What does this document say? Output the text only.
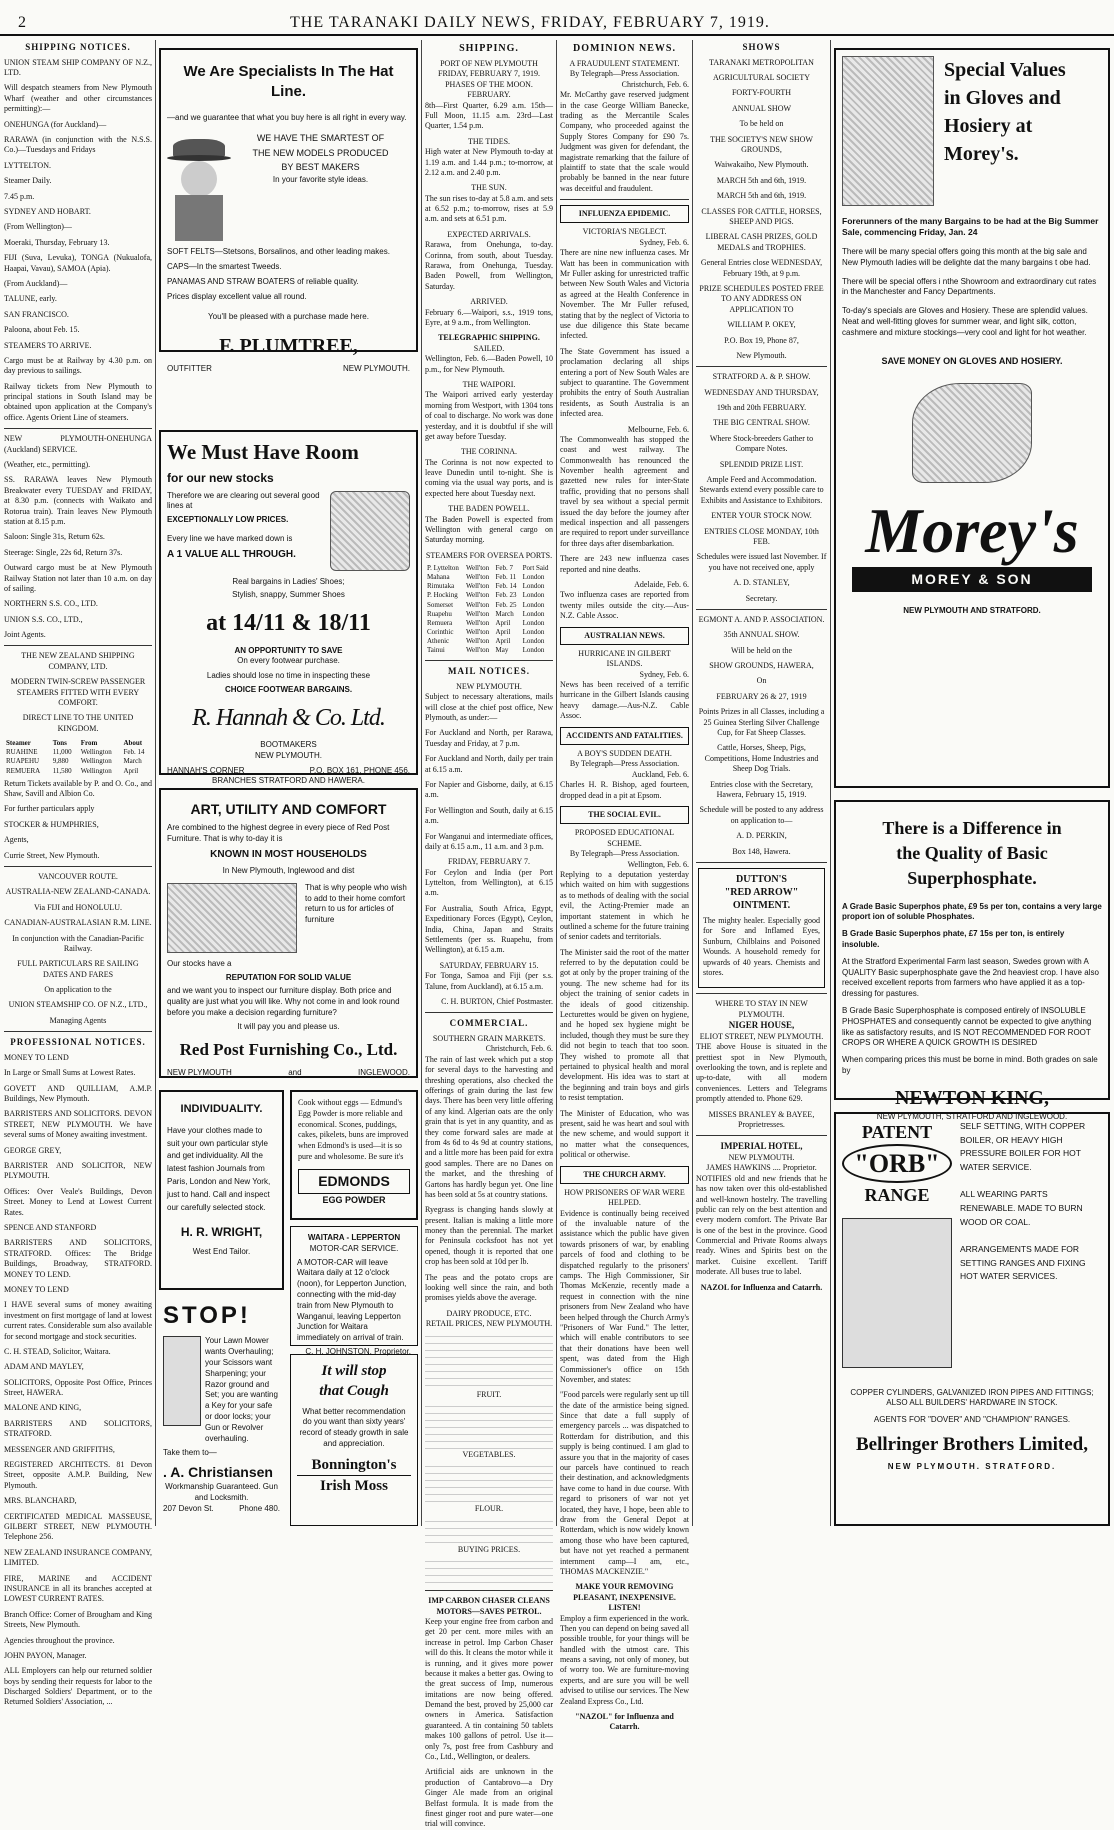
2	THE TARANAKI DAILY NEWS, FRIDAY, FEBRUARY 7, 1919.
SHIPPING NOTICES.
UNION STEAM SHIP COMPANY OF N.Z., LTD.
Will despatch steamers from New Plymouth Wharf (weather and other circumstances permitting):—
ONEHUNGA (for Auckland)—
RARAWA (in conjunction with the N.S.S. Co.)—Tuesdays and Fridays
LYTTELTON.
Steamer Daily.
7.45 p.m.
SYDNEY AND HOBART.
(From Wellington)—
Moeraki, Thursday, February 13.
FIJI (Suva, Levuka), TONGA (Nukualofa, Haapai, Vavau), SAMOA (Apia).
(From Auckland)—
TALUNE, early.
SAN FRANCISCO.
Paloona, about Feb. 15.
STEAMERS TO ARRIVE.
Cargo must be at Railway by 4.30 p.m. on day previous to sailings.
Railway tickets from New Plymouth to principal stations in South Island may be obtained upon application at the Company's office. Agents Orient Line of steamers.
NEW PLYMOUTH-ONEHUNGA (Auckland) SERVICE.
(Weather, etc., permitting).
SS. RARAWA leaves New Plymouth Breakwater every TUESDAY and FRIDAY, at 8.30 p.m. (connects with Waikato and Rotorua train). Train leaves New Plymouth station at 8.15 p.m.
Saloon: Single 31s, Return 62s.
Steerage: Single, 22s 6d, Return 37s.
Outward cargo must be at New Plymouth Railway Station not later than 10 a.m. on day of sailing.
NORTHERN S.S. CO., LTD.
UNION S.S. CO., LTD.,
Joint Agents.
THE NEW ZEALAND SHIPPING COMPANY, LTD.
MODERN TWIN-SCREW PASSENGER STEAMERS FITTED WITH EVERY COMFORT.
DIRECT LINE TO THE UNITED KINGDOM.
Steamer	Tons	From	About
RUAHINE	11,000	Wellington	Feb. 14
RUAPEHU	9,880	Wellington	March
REMUERA	11,580	Wellington	April
Return Tickets available by P. and O. Co., and Shaw, Savill and Albion Co.
For further particulars apply
STOCKER & HUMPHRIES,
Agents,
Currie Street, New Plymouth.
VANCOUVER ROUTE.
AUSTRALIA-NEW ZEALAND-CANADA.
Via FIJI and HONOLULU.
CANADIAN-AUSTRALASIAN R.M. LINE.
In conjunction with the Canadian-Pacific Railway.
FULL PARTICULARS RE SAILING DATES AND FARES
On application to the
UNION STEAMSHIP CO. OF N.Z., LTD.,
Managing Agents
PROFESSIONAL NOTICES.
MONEY TO LEND
In Large or Small Sums at Lowest Rates.
GOVETT AND QUILLIAM, A.M.P. Buildings, New Plymouth.
BARRISTERS AND SOLICITORS. DEVON STREET, NEW PLYMOUTH. We have several sums of Money awaiting investment.
GEORGE GREY,
BARRISTER AND SOLICITOR, NEW PLYMOUTH.
Offices: Over Veale's Buildings, Devon Street. Money to Lend at Lowest Current Rates.
SPENCE AND STANFORD
BARRISTERS AND SOLICITORS, STRATFORD. Offices: The Bridge Buildings, Broadway, STRATFORD. MONEY TO LEND.
MONEY TO LEND
I HAVE several sums of money awaiting investment on first mortgage of land at lowest current rates. Considerable sum also available for second mortgage and stock securities.
C. H. STEAD, Solicitor, Waitara.
ADAM AND MAYLEY,
SOLICITORS, Opposite Post Office, Princes Street, HAWERA.
MALONE AND KING,
BARRISTERS AND SOLICITORS, STRATFORD.
MESSENGER AND GRIFFITHS,
REGISTERED ARCHITECTS. 81 Devon Street, opposite A.M.P. Building, New Plymouth.
MRS. BLANCHARD,
CERTIFICATED MEDICAL MASSEUSE, GILBERT STREET, NEW PLYMOUTH. Telephone 256.
NEW ZEALAND INSURANCE COMPANY, LIMITED.
FIRE, MARINE and ACCIDENT INSURANCE in all its branches accepted at LOWEST CURRENT RATES.
Branch Office: Corner of Brougham and King Streets, New Plymouth.
Agencies throughout the province.
JOHN PAYON, Manager.
ALL Employers can help our returned soldier boys by sending their requests for labor to the Discharged Soldiers' Department, or to the Returned Soldiers' Association, ...
We Are Specialists In The Hat Line.
—and we guarantee that what you buy here is all right in every way.
WE HAVE THE SMARTEST OF
THE NEW MODELS PRODUCED
BY BEST MAKERS
In your favorite style ideas.
SOFT FELTS—Stetsons, Borsalinos, and other leading makes.
CAPS—In the smartest Tweeds.
PANAMAS AND STRAW BOATERS of reliable quality.
Prices display excellent value all round.
You'll be pleased with a purchase made here.
F. PLUMTREE,
OUTFITTER	NEW PLYMOUTH.
We Must Have Room
for our new stocks
Therefore we are clearing out several good lines at
EXCEPTIONALLY LOW PRICES.
Every line we have marked down is
A 1 VALUE ALL THROUGH.
Real bargains in Ladies' Shoes;
Stylish, snappy, Summer Shoes
at 14/11 & 18/11
AN OPPORTUNITY TO SAVE
On every footwear purchase.
Ladies should lose no time in inspecting these
CHOICE FOOTWEAR BARGAINS.
R. Hannah & Co. Ltd.
BOOTMAKERS
NEW PLYMOUTH.
HANNAH'S CORNER	P.O. BOX 161, PHONE 456.
BRANCHES STRATFORD AND HAWERA.
ART, UTILITY AND COMFORT
Are combined to the highest degree in every piece of Red Post Furniture. That is why to-day it is
KNOWN IN MOST HOUSEHOLDS
In New Plymouth, Inglewood and dist
That is why people who wish to add to their home comfort return to us for articles of furniture
Our stocks have a
REPUTATION FOR SOLID VALUE
and we want you to inspect our furniture display. Both price and quality are just what you will like. Why not come in and look round before you make a decision regarding furniture?
It will pay you and please us.
Red Post Furnishing Co., Ltd.
NEW PLYMOUTH	and	INGLEWOOD.
INDIVIDUALITY.
Have your clothes made to suit your own particular style and get individuality. All the latest fashion Journals from Paris, London and New York, just to hand. Call and inspect our carefully selected stock.
H. R. WRIGHT,
West End Tailor.
Cook without eggs — Edmund's Egg Powder is more reliable and economical. Scones, puddings, cakes, pikelets, buns are improved when Edmond's is used—it is so pure and wholesome. Be sure it's
EDMONDS
EGG POWDER
WAITARA - LEPPERTON
MOTOR-CAR SERVICE.
A MOTOR-CAR will leave Waitara daily at 12 o'clock (noon), for Lepperton Junction, connecting with the mid-day train from New Plymouth to Wanganui, leaving Lepperton Junction for Waitara immediately on arrival of train.
C. H. JOHNSTON, Proprietor.
STOP!
Your Lawn Mower wants Overhauling; your Scissors want Sharpening; your Razor ground and Set; you are wanting a Key for your safe or door locks; your Gun or Revolver overhauling.
Take them to—
. A. Christiansen
Workmanship Guaranteed. Gun and Locksmith.
207 Devon St.	Phone 480.
It will stop
that Cough
What better recommendation do you want than sixty years' record of steady growth in sale and appreciation.
Bonnington's
Irish Moss
SHIPPING.
PORT OF NEW PLYMOUTH
FRIDAY, FEBRUARY 7, 1919.
PHASES OF THE MOON.
FEBRUARY.
8th—First Quarter, 6.29 a.m. 15th—Full Moon, 11.15 a.m. 23rd—Last Quarter, 1.54 p.m.
THE TIDES.
High water at New Plymouth to-day at 1.19 a.m. and 1.44 p.m.; to-morrow, at 2.12 a.m. and 2.40 p.m.
THE SUN.
The sun rises to-day at 5.8 a.m. and sets at 6.52 p.m.; to-morrow, rises at 5.9 a.m. and sets at 6.51 p.m.
EXPECTED ARRIVALS.
Rarawa, from Onehunga, to-day. Corinna, from south, about Tuesday. Rarawa, from Onehunga, Tuesday. Baden Powell, from Wellington, Saturday.
ARRIVED.
February 6.—Waipori, s.s., 1919 tons, Eyre, at 9 a.m., from Wellington.
TELEGRAPHIC SHIPPING.
SAILED.
Wellington, Feb. 6.—Baden Powell, 10 p.m., for New Plymouth.
THE WAIPORI.
The Waipori arrived early yesterday morning from Westport, with 1304 tons of coal to discharge. No work was done yesterday, and it is doubtful if she will get away before Tuesday.
THE CORINNA.
The Corinna is not now expected to leave Dunedin until to-night. She is coming via the usual way ports, and is expected here about Tuesday next.
THE BADEN POWELL.
The Baden Powell is expected from Wellington with general cargo on Saturday morning.
STEAMERS FOR OVERSEA PORTS.
P. Lyttelton	Well'ton	Feb. 7	Port Said
Mahana	Well'ton	Feb. 11	London
Rimutaka	Well'ton	Feb. 14	London
P. Hocking	Well'ton	Feb. 23	London
Somerset	Well'ton	Feb. 25	London
Ruapehu	Well'ton	March	London
Remuera	Well'ton	April	London
Corinthic	Well'ton	April	London
Athenic	Well'ton	April	London
Tainui	Well'ton	May	London
MAIL NOTICES.
NEW PLYMOUTH.
Subject to necessary alterations, mails will close at the chief post office, New Plymouth, as under:—
For Auckland and North, per Rarawa, Tuesday and Friday, at 7 p.m.
For Auckland and North, daily per train at 6.15 a.m.
For Napier and Gisborne, daily, at 6.15 a.m.
For Wellington and South, daily at 6.15 a.m.
For Wanganui and intermediate offices, daily at 6.15 a.m., 11 a.m. and 3 p.m.
FRIDAY, FEBRUARY 7.
For Ceylon and India (per Port Lyttelton, from Wellington), at 6.15 a.m.
For Australia, South Africa, Egypt, Expeditionary Forces (Egypt), Ceylon, India, China, Japan and Straits Settlements (per ss. Ruapehu, from Wellington), at 6.15 a.m.
SATURDAY, FEBRUARY 15.
For Tonga, Samoa and Fiji (per s.s. Talune, from Auckland), at 6.15 a.m.
C. H. BURTON, Chief Postmaster.
COMMERCIAL.
SOUTHERN GRAIN MARKETS.
Christchurch, Feb. 6.
The rain of last week which put a stop for several days to the harvesting and threshing operations, also checked the offerings of grain during the last few days. There has been very little offering of any kind. Algerian oats are the only grain that is yet in any quantity, and as they come forward sales are made at from 4s 6d to 4s 9d at country stations, and a little more has been paid for extra good samples. There are no Danes on the market, and the threshing of Gartons has hardly begun yet. One line has been sold at 5s at country stations.
Ryegrass is changing hands slowly at present. Italian is making a little more money than the perennial. The market for Peninsula cocksfoot has not yet opened, though it is reported that one crop has been sold at 10d per lb.
The peas and the potato crops are looking well since the rain, and both promises yields above the average.
DAIRY PRODUCE, ETC.
RETAIL PRICES, NEW PLYMOUTH.
FRUIT.
VEGETABLES.
FLOUR.
BUYING PRICES.
IMP CARBON CHASER CLEANS MOTORS—SAVES PETROL.
Keep your engine free from carbon and get 20 per cent. more miles with an increase in petrol. Imp Carbon Chaser will do this. It cleans the motor while it is running, and it gives more power because it makes a better gas. Owing to the great success of Imp, numerous imitations are now being offered. Demand the best, proved by 25,000 car owners in America. Satisfaction guaranteed. A tin containing 50 tablets makes 100 gallons of petrol. Use it—only 7s, post free from Cashbury and Co., Ltd., Wellington, or dealers.
Artificial aids are unknown in the production of Cantabrovo—a Dry Ginger Ale made from an original Belfast formula. It is made from the finest ginger root and pure water—one trial will convince.
DOMINION NEWS.
A FRAUDULENT STATEMENT.
By Telegraph—Press Association.
Christchurch, Feb. 6.
Mr. McCarthy gave reserved judgment in the case George William Banecke, trading as the Mercantile Scales Company, who proceeded against the Supply Stores Company for £90 7s. Judgment was given for defendant, the magistrate remarking that the failure of plaintiff to state that the scale would probably be banned in the near future was deceitful and fraudulent.
INFLUENZA EPIDEMIC.
VICTORIA'S NEGLECT.
Sydney, Feb. 6.
There are nine new influenza cases. Mr Watt has been in communication with Mr Fuller asking for unrestricted traffic between New South Wales and Victoria as agreed at the Health Conference in November. The Mr Fuller refused, stating that by the neglect of Victoria to use due diligence this State became infected.
The State Government has issued a proclamation declaring all ships entering a port of New South Wales are subject to quarantine. The Government prohibits the entry of South Australian residents, as South Australia is an infected area.
Melbourne, Feb. 6.
The Commonwealth has stopped the coast and west railway. The Commonwealth has renounced the November health agreement and gazetted new rules for inter-State traffic, providing that no persons shall travel by sea without a special permit issued the day before the journey after medical inspection and all passengers are required to report under surveillance for three days after disembarkation.
There are 243 new influenza cases reported and nine deaths.
Adelaide, Feb. 6.
Two influenza cases are reported from twenty miles outside the city.—Aus-N.Z. Cable Assoc.
AUSTRALIAN NEWS.
HURRICANE IN GILBERT ISLANDS.
Sydney, Feb. 6.
News has been received of a terrific hurricane in the Gilbert Islands causing heavy damage.—Aus-N.Z. Cable Assoc.
ACCIDENTS AND FATALITIES.
A BOY'S SUDDEN DEATH.
By Telegraph—Press Association.
Auckland, Feb. 6.
Charles H. R. Bishop, aged fourteen, dropped dead in a pit at Epsom.
THE SOCIAL EVIL.
PROPOSED EDUCATIONAL SCHEME.
By Telegraph—Press Association.
Wellington, Feb. 6.
Replying to a deputation yesterday which waited on him with suggestions as to methods of dealing with the social evil, the Acting-Premier made an important statement in which he outlined a scheme for the future training of senior cadets and territorials.
The Minister said the root of the matter referred to by the deputation could be got at only by the proper training of the young. The new scheme had for its object the training of senior cadets in the ideals of good citizenship. Lecturettes would be given on hygiene, and he hoped sex hygiene might be included, though they must be sure they did not begin to teach that too soon. They wished to promote all that pertained to physical health and moral development. His idea was to start at the beginning and train boys and girls to resist temptation.
The Minister of Education, who was present, said he was heart and soul with the new scheme, and would support it no matter what the consequences, political or otherwise.
THE CHURCH ARMY.
HOW PRISONERS OF WAR WERE HELPED.
Evidence is continually being received of the invaluable nature of the assistance which the public have given towards prisoners of war, by enabling parcels of food and clothing to be dispatched regularly to the prisoners' camps. The High Commissioner, Sir Thomas McKenzie, recently made a request in connection with the nine prisoners from New Zealand who have been helped through the Church Army's "Prisoners of War Fund." The letter, which will enable contributors to see that their donations have been well spent, was dated from the High Commissioner's office on 15th November, and states:
"Food parcels were regularly sent up till the date of the armistice being signed. Since that date a full supply of emergency parcels ... was dispatched to Rotterdam for distribution, and this supply is being continued. I am glad to assure you that in the majority of cases our parcels have continued to reach their destination, and acknowledgments have come to hand in due course. With regard to prisoners of war not yet located, they have, I hope, been able to draw from the General Depot at Rotterdam, which is now widely known among those who have been captured, but have not yet reached a permanent internment camp—I am, etc., THOMAS MACKENZIE."
MAKE YOUR REMOVING PLEASANT, INEXPENSIVE. LISTEN!
Employ a firm experienced in the work. Then you can depend on being saved all possible trouble, for your things will be handled with the utmost care. This means a saving, not only of money, but of worry too. We are furniture-moving experts, and are sure you will be well advised to utilise our services. The New Zealand Express Co., Ltd.
"NAZOL" for Influenza and Catarrh.
SHOWS
TARANAKI METROPOLITAN
AGRICULTURAL SOCIETY
FORTY-FOURTH
ANNUAL SHOW
To be held on
THE SOCIETY'S NEW SHOW GROUNDS,
Waiwakaiho, New Plymouth.
MARCH 5th and 6th, 1919.
MARCH 5th and 6th, 1919.
CLASSES FOR CATTLE, HORSES, SHEEP AND PIGS.
LIBERAL CASH PRIZES, GOLD MEDALS and TROPHIES.
General Entries close WEDNESDAY, February 19th, at 9 p.m.
PRIZE SCHEDULES POSTED FREE TO ANY ADDRESS ON APPLICATION TO
WILLIAM P. OKEY,
P.O. Box 19, Phone 87,
New Plymouth.
STRATFORD A. & P. SHOW.
WEDNESDAY AND THURSDAY,
19th and 20th FEBRUARY.
THE BIG CENTRAL SHOW.
Where Stock-breeders Gather to Compare Notes.
SPLENDID PRIZE LIST.
Ample Feed and Accommodation. Stewards extend every possible care to Exhibits and Assistance to Exhibitors.
ENTER YOUR STOCK NOW.
ENTRIES CLOSE MONDAY, 10th FEB.
Schedules were issued last November. If you have not received one, apply
A. D. STANLEY,
Secretary.
EGMONT A. AND P. ASSOCIATION.
35th ANNUAL SHOW.
Will be held on the
SHOW GROUNDS, HAWERA,
On
FEBRUARY 26 & 27, 1919
Points Prizes in all Classes, including a 25 Guinea Sterling Silver Challenge Cup, for Fat Sheep Classes.
Cattle, Horses, Sheep, Pigs, Competitions, Home Industries and Sheep Dog Trials.
Entries close with the Secretary, Hawera, February 15, 1919.
Schedule will be posted to any address on application to—
A. D. PERKIN,
Box 148, Hawera.
DUTTON'S
"RED ARROW"
OINTMENT.
The mighty healer. Especially good for Sore and Inflamed Eyes, Sunburn, Chilblains and Poisoned Wounds. A household remedy for upwards of 40 years. Chemists and stores.
WHERE TO STAY IN NEW PLYMOUTH.
NIGER HOUSE,
ELIOT STREET, NEW PLYMOUTH.
THE above House is situated in the prettiest spot in New Plymouth, overlooking the town, and is replete and up-to-date, with all modern conveniences. Letters and Telegrams promptly attended to. Phone 629.
MISSES BRANLEY & BAYEE, Proprietresses.
IMPERIAL HOTEL,
NEW PLYMOUTH.
JAMES HAWKINS .... Proprietor.
NOTIFIES old and new friends that he has now taken over this old-established and well-known hostelry. The travelling public can rely on the best attention and every modern comfort. The Private Bar is one of the best in the province. Good Commercial and Private Rooms always ready. Wines and Spirits best on the market. Cuisine excellent. Tariff moderate. All buses true to label.
NAZOL for Influenza and Catarrh.
Special Values
in Gloves and
Hosiery at
Morey's.
Forerunners of the many Bargains to be had at the Big Summer Sale, commencing Friday, Jan. 24
There will be many special offers going this month at the big sale and New Plymouth ladies will be delighte dat the many bargains t obe had.
There will be special offers i nthe Showroom and extraordinary cut rates in the Manchester and Fancy Departments.
To-day's specials are Gloves and Hosiery. These are splendid values. Neat and well-fitting gloves for summer wear, and light silk, cotton, cashmere and mixture stockings—very cool and light for hot weather.
SAVE MONEY ON GLOVES AND HOSIERY.
Morey's
MOREY & SON
NEW PLYMOUTH AND STRATFORD.
There is a Difference in
the Quality of Basic
Superphosphate.
A Grade Basic Superphos phate, £9 5s per ton, contains a very large proport ion of soluble Phosphates.
B Grade Basic Superphos phate, £7 15s per ton, is entirely insoluble.
At the Stratford Experimental Farm last season, Swedes grown with A QUALITY Basic superphosphate gave the 2nd heaviest crop. I have also received excellent reports from farmers who have applied it as a top-dressing for pastures.
B Grade Basic Superphosphate is composed entirely of INSOLUBLE PHOSPHATES and consequently cannot be expected to give anything like as satisfactory results, and IS NOT RECOMMENDED FOR ROOT CROPS OR WHERE A QUICK GROWTH IS DESIRED
When comparing prices this must be borne in mind. Both grades on sale by
NEWTON KING,
NEW PLYMOUTH, STRATFORD AND INGLEWOOD.
PATENT
"ORB"
RANGE
SELF SETTING, WITH COPPER BOILER, OR HEAVY HIGH PRESSURE BOILER FOR HOT WATER SERVICE.
ALL WEARING PARTS RENEWABLE. MADE TO BURN WOOD OR COAL.
ARRANGEMENTS MADE FOR SETTING RANGES AND FIXING HOT WATER SERVICES.
COPPER CYLINDERS, GALVANIZED IRON PIPES AND FITTINGS; ALSO ALL BUILDERS' HARDWARE IN STOCK.
AGENTS FOR "DOVER" AND "CHAMPION" RANGES.
Bellringer Brothers Limited,
NEW PLYMOUTH. STRATFORD.
